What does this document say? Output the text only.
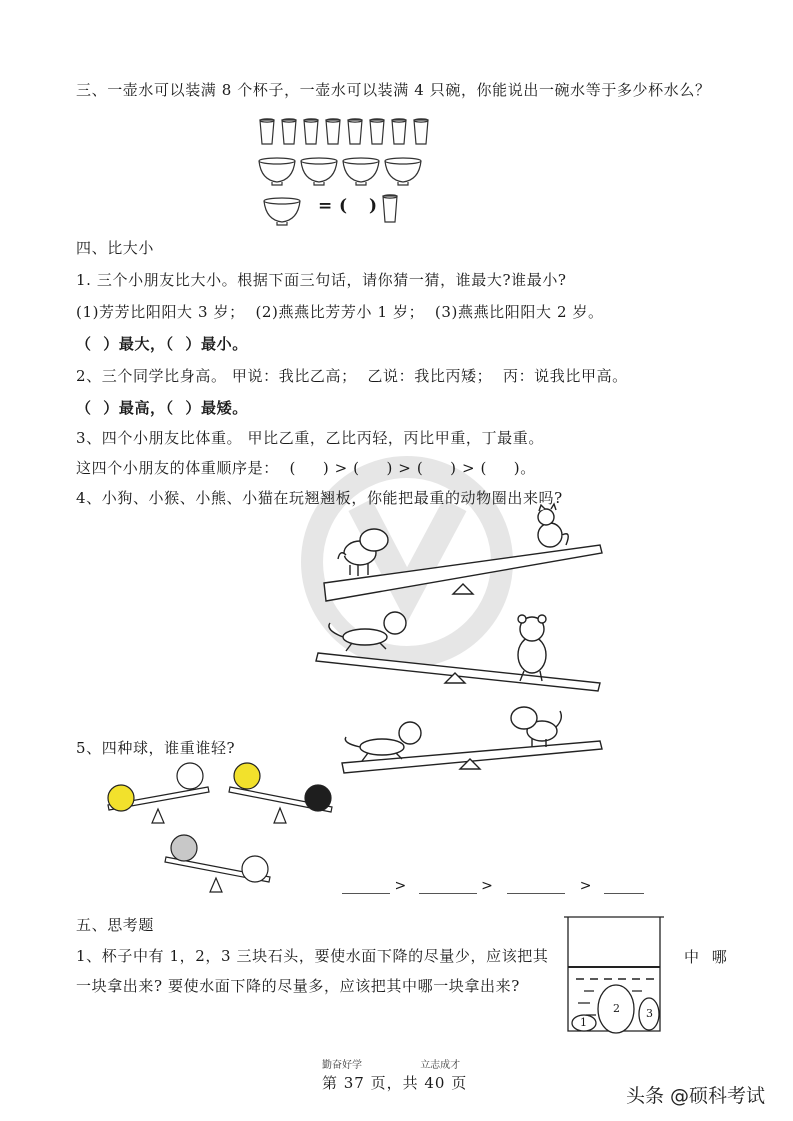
三、一壶水可以装满 8 个杯子，一壶水可以装满 4 只碗，你能说出一碗水等于多少杯水么？
= ( )
四、比大小
1. 三个小朋友比大小。根据下面三句话，请你猜一猜，谁最大?谁最小?
(1)芳芳比阳阳大 3 岁；  (2)燕燕比芳芳小 1 岁；  (3)燕燕比阳阳大 2 岁。
（  ）最大，（  ）最小。
2、三个同学比身高。 甲说：我比乙高；  乙说：我比丙矮；  丙：说我比甲高。
（  ）最高，（  ）最矮。
3、四个小朋友比体重。 甲比乙重，乙比丙轻，丙比甲重，丁最重。
这四个小朋友的体重顺序是：  (     ) > (     ) > (     ) > (     )。
4、小狗、小猴、小熊、小猫在玩翘翘板，你能把最重的动物圈出来吗?
5、四种球，谁重谁轻?
>	>	>
五、思考题
1、杯子中有 1，2，3 三块石头，要使水面下降的尽量少，应该把其	中 哪
一块拿出来? 要使水面下降的尽量多，应该把其中哪一块拿出来?
1
2 3
勤奋好学	立志成才
第 37 页，共 40 页
头条 @硕科考试
